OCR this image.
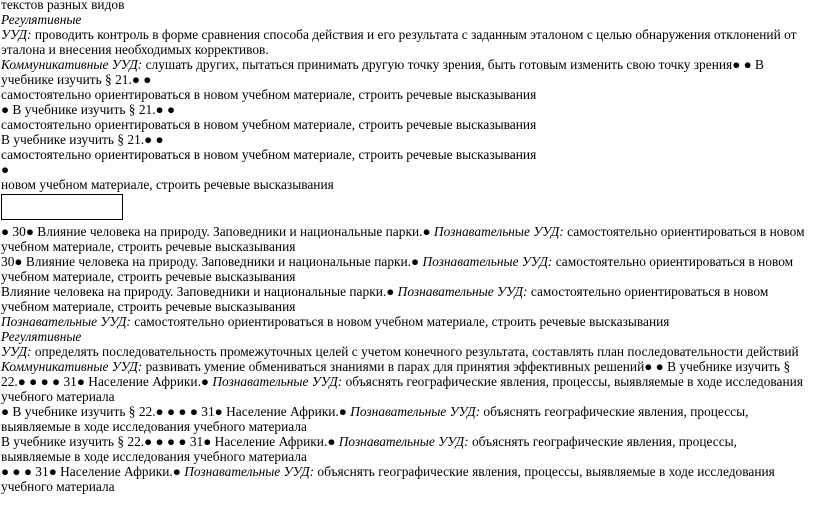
текстов разных видов

Регулятивные

УУД: проводить контроль в форме сравнения способа действия и его результата с заданным эталоном с целью обнаружения отклонений от эталона и внесения необходимых коррективов.

Коммуникативные УУД: слушать других, пытаться принимать другую точку зрения, быть готовым изменить свою точку зрения● ● В учебнике изучить § 21.● ●

самостоятельно ориентироваться в новом учебном материале, строить речевые высказывания

● В учебнике изучить § 21.● ●

самостоятельно ориентироваться в новом учебном материале, строить речевые высказывания

В учебнике изучить § 21.● ●

самостоятельно ориентироваться в новом учебном материале, строить речевые высказывания

●

новом учебном материале, строить речевые высказывания

● 30● Влияние человека на природу. Заповедники и национальные парки.● Познавательные УУД: самостоятельно ориентироваться в новом учебном материале, строить речевые высказывания

30● Влияние человека на природу. Заповедники и национальные парки.● Познавательные УУД: самостоятельно ориентироваться в новом учебном материале, строить речевые высказывания

Влияние человека на природу. Заповедники и национальные парки.● Познавательные УУД: самостоятельно ориентироваться в новом учебном материале, строить речевые высказывания

Познавательные УУД: самостоятельно ориентироваться в новом учебном материале, строить речевые высказывания

Регулятивные

УУД: определять последовательность промежуточных целей с учетом конечного результата, составлять план последовательности действий

Коммуникативные УУД: развивать умение обмениваться знаниями в парах для принятия эффективных решений● ● В учебнике изучить § 22.● ● ● ● 31● Население Африки.● Познавательные УУД: объяснять географические явления, процессы, выявляемые в ходе исследования учебного материала

● В учебнике изучить § 22.● ● ● ● 31● Население Африки.● Познавательные УУД: объяснять географические явления, процессы, выявляемые в ходе исследования учебного материала

В учебнике изучить § 22.● ● ● ● 31● Население Африки.● Познавательные УУД: объяснять географические явления, процессы, выявляемые в ходе исследования учебного материала

● ● ● 31● Население Африки.● Познавательные УУД: объяснять географические явления, процессы, выявляемые в ходе исследования учебного материала
